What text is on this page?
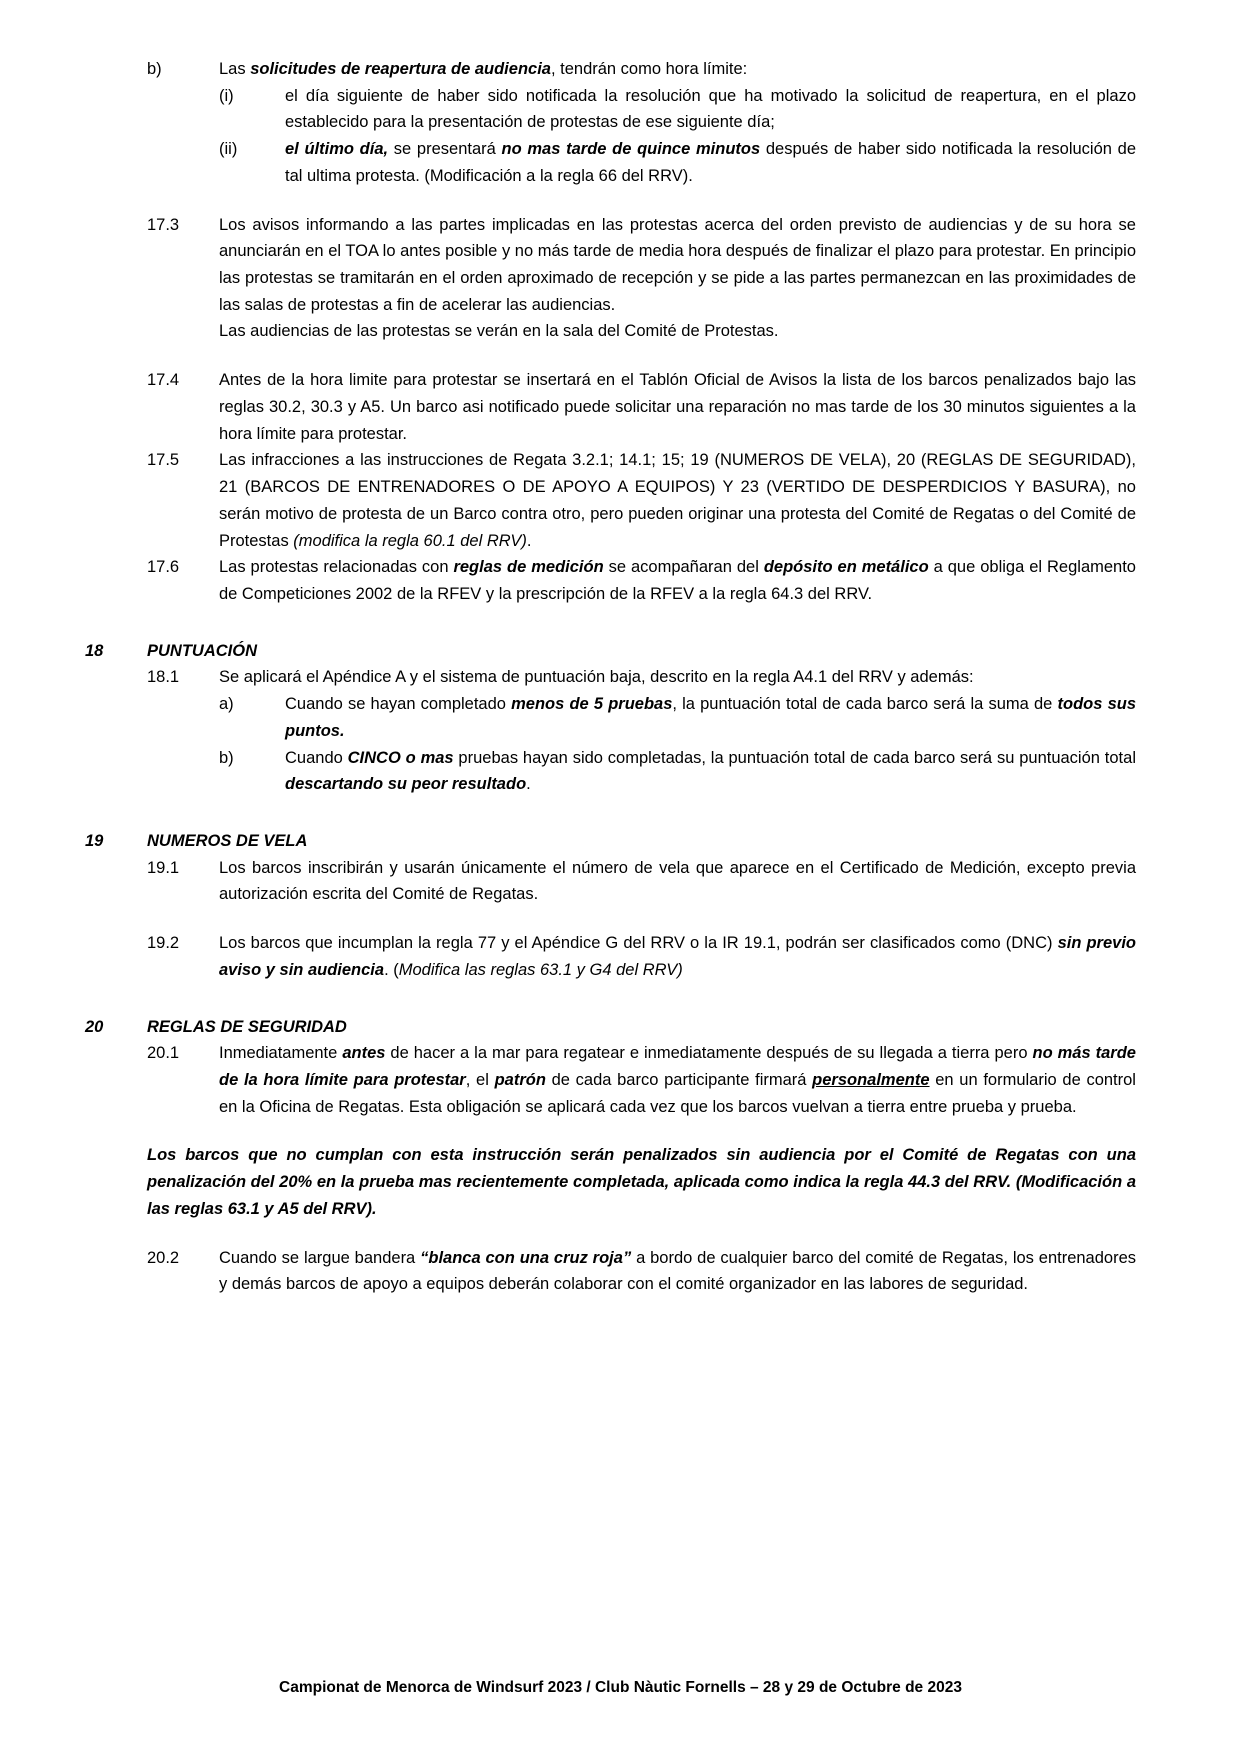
b)	Las solicitudes de reapertura de audiencia, tendrán como hora límite:
(i)	el día siguiente de haber sido notificada la resolución que ha motivado la solicitud de reapertura, en el plazo establecido para la presentación de protestas de ese siguiente día;
(ii)	el último día, se presentará no mas tarde de quince minutos después de haber sido notificada la resolución de tal ultima protesta. (Modificación a la regla 66 del RRV).
17.3	Los avisos informando a las partes implicadas en las protestas acerca del orden previsto de audiencias y de su hora se anunciarán en el TOA lo antes posible y no más tarde de media hora después de finalizar el plazo para protestar. En principio las protestas se tramitarán en el orden aproximado de recepción y se pide a las partes permanezcan en las proximidades de las salas de protestas a fin de acelerar las audiencias.
Las audiencias de las protestas se verán en la sala del Comité de Protestas.
17.4	Antes de la hora limite para protestar se insertará en el Tablón Oficial de Avisos la lista de los barcos penalizados bajo las reglas 30.2, 30.3 y A5. Un barco asi notificado puede solicitar una reparación no mas tarde de los 30 minutos siguientes a la hora límite para protestar.
17.5	Las infracciones a las instrucciones de Regata 3.2.1; 14.1; 15; 19 (NUMEROS DE VELA), 20 (REGLAS DE SEGURIDAD), 21 (BARCOS DE ENTRENADORES O DE APOYO A EQUIPOS) Y 23 (VERTIDO DE DESPERDICIOS Y BASURA), no serán motivo de protesta de un Barco contra otro, pero pueden originar una protesta del Comité de Regatas o del Comité de Protestas (modifica la regla 60.1 del RRV).
17.6	Las protestas relacionadas con reglas de medición se acompañaran del depósito en metálico a que obliga el Reglamento de Competiciones 2002 de la RFEV y la prescripción de la RFEV a la regla 64.3 del RRV.
18	PUNTUACIÓN
18.1	Se aplicará el Apéndice A y el sistema de puntuación baja, descrito en la regla A4.1 del RRV y además:
a)	Cuando se hayan completado menos de 5 pruebas, la puntuación total de cada barco será la suma de todos sus puntos.
b)	Cuando CINCO o mas pruebas hayan sido completadas, la puntuación total de cada barco será su puntuación total descartando su peor resultado.
19	NUMEROS DE VELA
19.1	Los barcos inscribirán y usarán únicamente el número de vela que aparece en el Certificado de Medición, excepto previa autorización escrita del Comité de Regatas.
19.2	Los barcos que incumplan la regla 77 y el Apéndice G del RRV o la IR 19.1, podrán ser clasificados como (DNC) sin previo aviso y sin audiencia. (Modifica las reglas 63.1 y G4 del RRV)
20	REGLAS DE SEGURIDAD
20.1	Inmediatamente antes de hacer a la mar para regatear e inmediatamente después de su llegada a tierra pero no más tarde de la hora límite para protestar, el patrón de cada barco participante firmará personalmente en un formulario de control en la Oficina de Regatas. Esta obligación se aplicará cada vez que los barcos vuelvan a tierra entre prueba y prueba.
Los barcos que no cumplan con esta instrucción serán penalizados sin audiencia por el Comité de Regatas con una penalización del 20% en la prueba mas recientemente completada, aplicada como indica la regla 44.3 del RRV. (Modificación a las reglas 63.1 y A5 del RRV).
20.2	Cuando se largue bandera “blanca con una cruz roja” a bordo de cualquier barco del comité de Regatas, los entrenadores y demás barcos de apoyo a equipos deberán colaborar con el comité organizador en las labores de seguridad.
Campionat de Menorca de Windsurf 2023 / Club Nàutic Fornells – 28 y 29 de Octubre de 2023
